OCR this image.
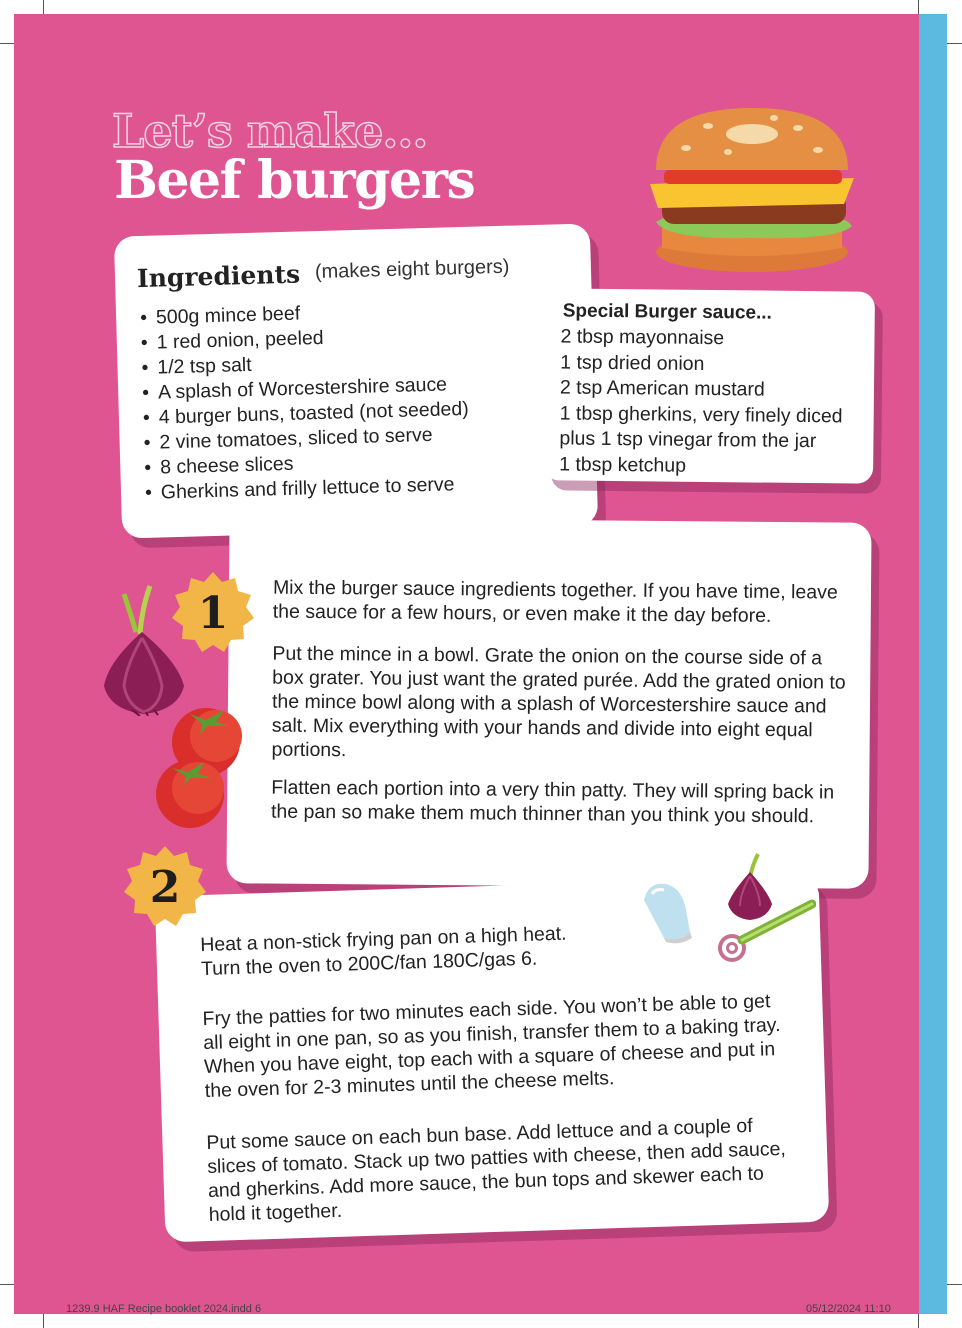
Let’s make...
Beef burgers
Ingredients (makes eight burgers)
• 500g mince beef
• 1 red onion, peeled
• 1/2 tsp salt
• A splash of Worcestershire sauce
• 4 burger buns, toasted (not seeded)
• 2 vine tomatoes, sliced to serve
• 8 cheese slices
• Gherkins and frilly lettuce to serve
Special Burger sauce...
2 tbsp mayonnaise
1 tsp dried onion
2 tsp American mustard
1 tbsp gherkins, very finely diced
plus 1 tsp vinegar from the jar
1 tbsp ketchup

Mix the burger sauce ingredients together. If you have time, leave the sauce for a few hours, or even make it the day before.

Put the mince in a bowl. Grate the onion on the course side of a box grater. You just want the grated purée. Add the grated onion to the mince bowl along with a splash of Worcestershire sauce and salt. Mix everything with your hands and divide into eight equal portions.

Flatten each portion into a very thin patty. They will spring back in the pan so make them much thinner than you think you should.

Heat a non-stick frying pan on a high heat. Turn the oven to 200C/fan 180C/gas 6.

Fry the patties for two minutes each side. You won’t be able to get all eight in one pan, so as you finish, transfer them to a baking tray. When you have eight, top each with a square of cheese and put in the oven for 2-3 minutes until the cheese melts.

Put some sauce on each bun base. Add lettuce and a couple of slices of tomato. Stack up two patties with cheese, then add sauce, and gherkins. Add more sauce, the bun tops and skewer each to hold it together.

1
2
1239.9 HAF Recipe booklet 2024.indd 6	05/12/2024 11:10
